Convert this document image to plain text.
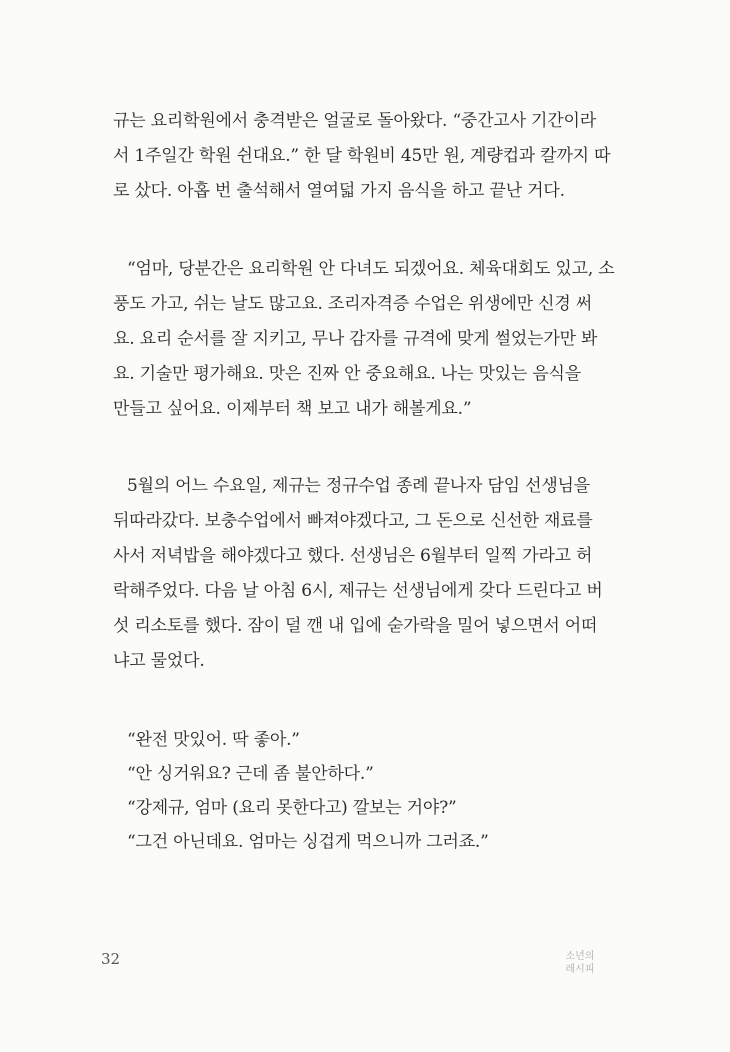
규는 요리학원에서 충격받은 얼굴로 돌아왔다. “중간고사 기간이라
서 1주일간 학원 쉰대요.” 한 달 학원비 45만 원, 계량컵과 칼까지 따
로 샀다. 아홉 번 출석해서 열여덟 가지 음식을 하고 끝난 거다.

“엄마, 당분간은 요리학원 안 다녀도 되겠어요. 체육대회도 있고, 소
풍도 가고, 쉬는 날도 많고요. 조리자격증 수업은 위생에만 신경 써
요. 요리 순서를 잘 지키고, 무나 감자를 규격에 맞게 썰었는가만 봐
요. 기술만 평가해요. 맛은 진짜 안 중요해요. 나는 맛있는 음식을
만들고 싶어요. 이제부터 책 보고 내가 해볼게요.”

5월의 어느 수요일, 제규는 정규수업 종례 끝나자 담임 선생님을
뒤따라갔다. 보충수업에서 빠져야겠다고, 그 돈으로 신선한 재료를
사서 저녁밥을 해야겠다고 했다. 선생님은 6월부터 일찍 가라고 허
락해주었다. 다음 날 아침 6시, 제규는 선생님에게 갖다 드린다고 버
섯 리소토를 했다. 잠이 덜 깬 내 입에 숟가락을 밀어 넣으면서 어떠
냐고 물었다.

“완전 맛있어. 딱 좋아.”
“안 싱거워요? 근데 좀 불안하다.”
“강제규, 엄마 (요리 못한다고) 깔보는 거야?”
“그건 아닌데요. 엄마는 싱겁게 먹으니까 그러죠.”

32	소년의
레시피
